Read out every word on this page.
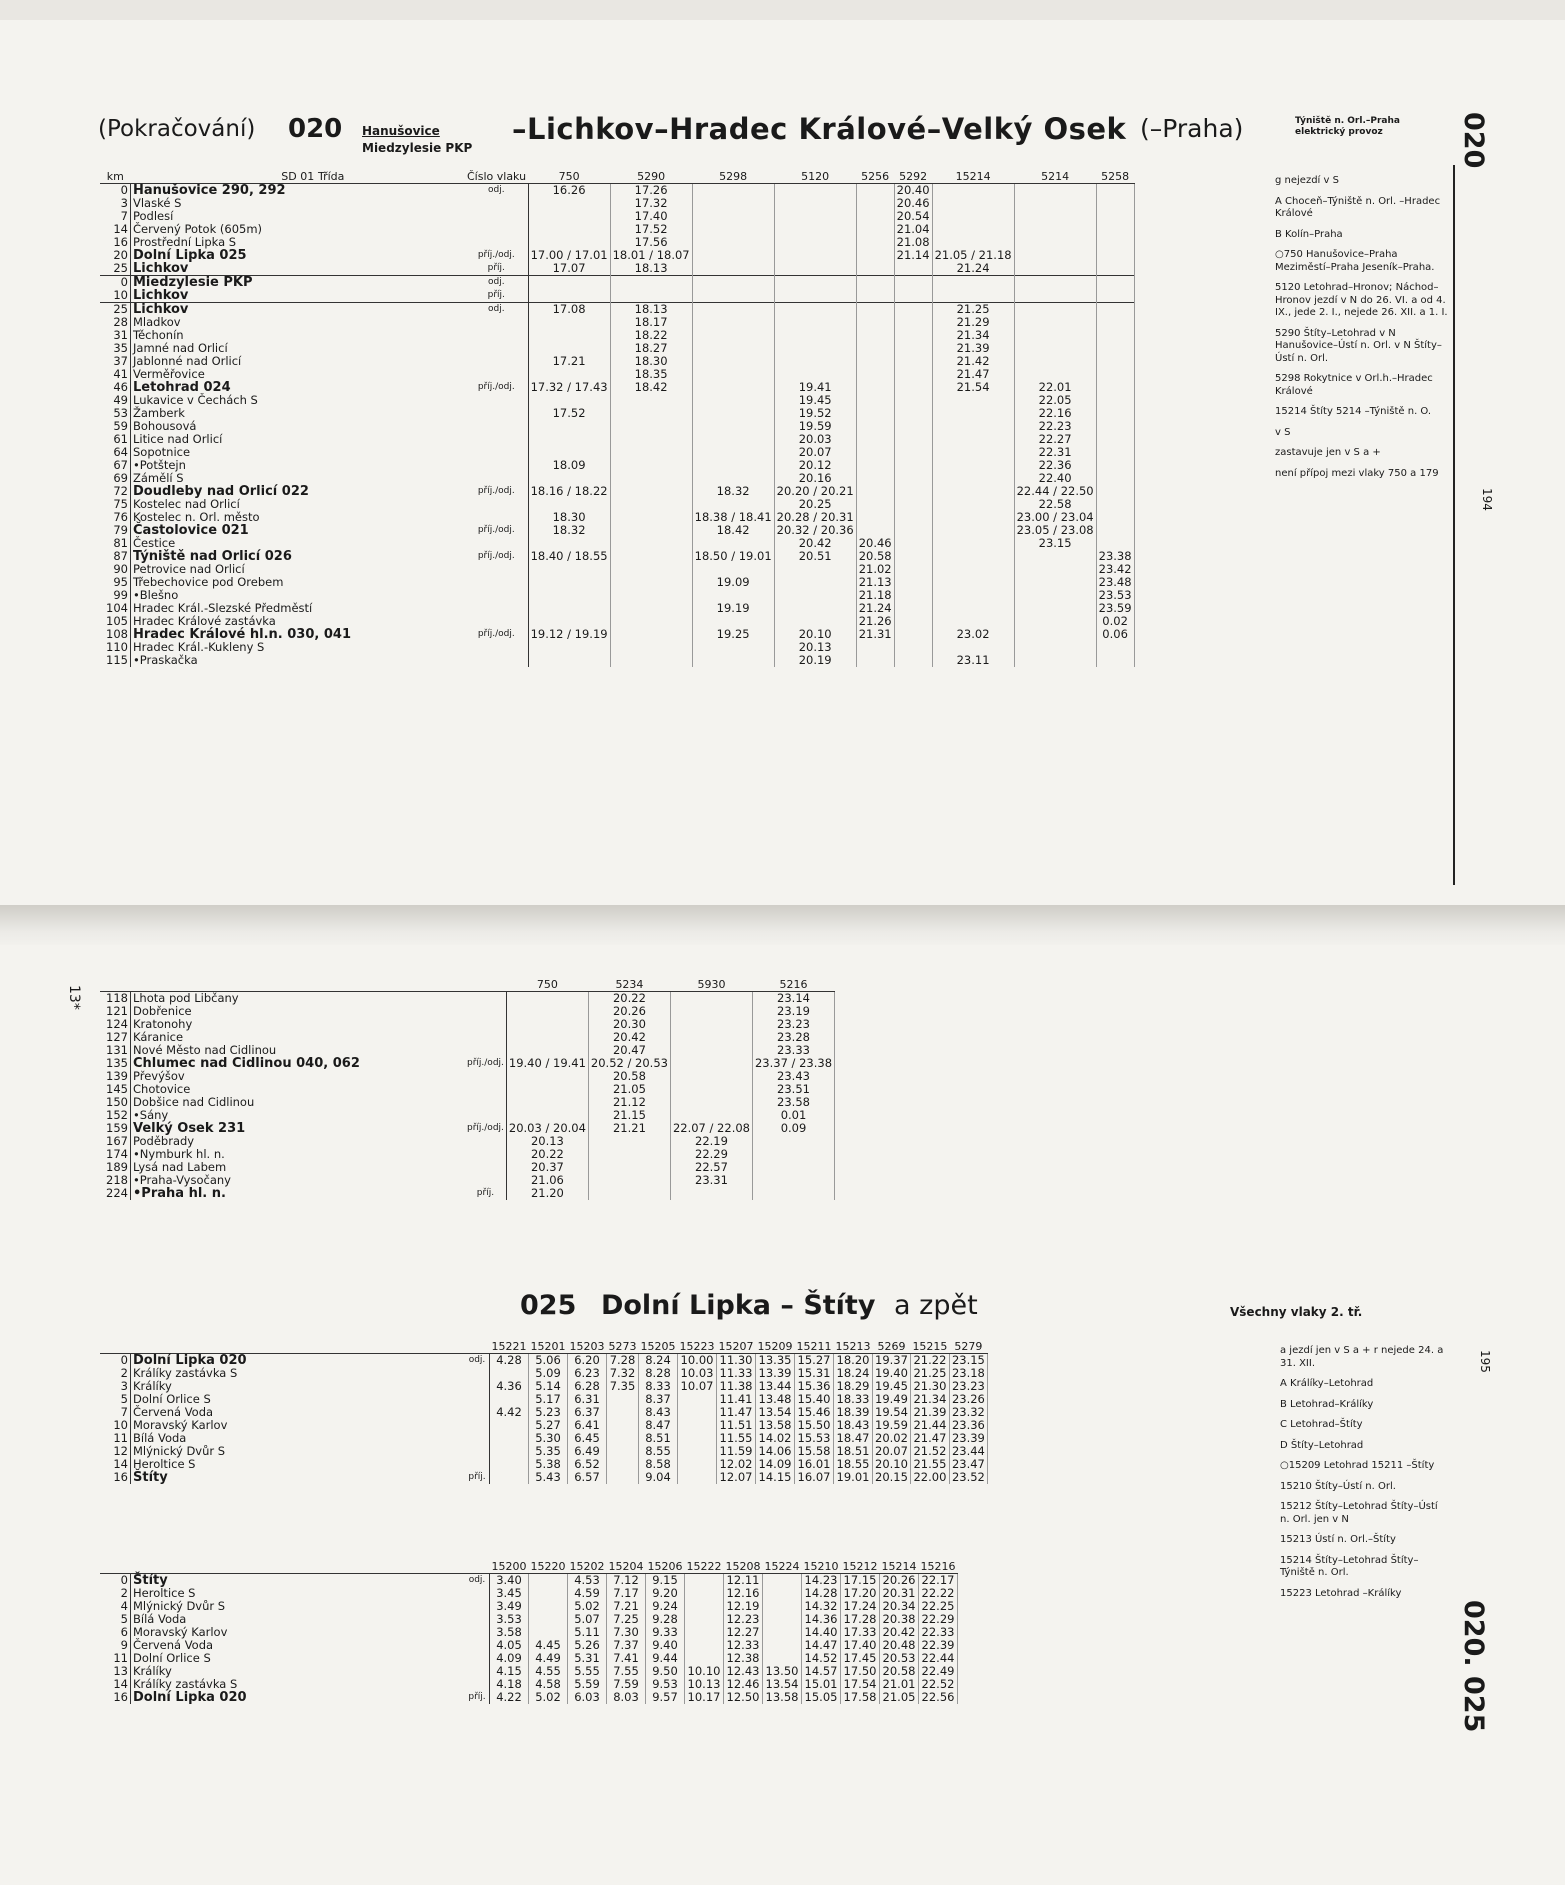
(Pokračování) 020 Hanušovice
Miedzylesie PKP
–Lichkov–Hradec Králové–Velký Osek (–Praha)	Týniště n. Orl.–Praha elektrický provoz	020
194
195
13*
km	SD 01	Číslo vlaku	750	5290	5298	5120	5256	5292	15214	5214	5258
0	Hanušovice 290, 292	odj.	16.26	17.26				20.40			
3	Vlaské S			17.32				20.46			
7	Podlesí			17.40				20.54			
14	Červený Potok (605m)			17.52				21.04			
16	Prostřední Lipka S			17.56				21.08			
20	Dolní Lipka 025	příj./odj.	17.00 / 17.01	18.01 / 18.07				21.14	21.05 / 21.18		
25	Lichkov	příj.	17.07	18.13					21.24		
0	Miedzylesie PKP	odj.									
10	Lichkov	příj.									
25	Lichkov	odj.	17.08	18.13					21.25		
28	Mladkov			18.17					21.29		
31	Těchonín			18.22					21.34		
35	Jamné nad Orlicí			18.27					21.39		
37	Jablonné nad Orlicí		17.21	18.30					21.42		
41	Verměřovice			18.35					21.47		
46	Letohrad 024	příj./odj.	17.32 / 17.43	18.42		19.41			21.54	22.01	
49	Lukavice v Čechách S					19.45				22.05	
53	Žamberk		17.52			19.52				22.16	
59	Bohousová					19.59				22.23	
61	Litice nad Orlicí					20.03				22.27	
64	Sopotnice					20.07				22.31	
67	•Potštejn		18.09			20.12				22.36	
69	Zámělí S					20.16				22.40	
72	Doudleby nad Orlicí 022	příj./odj.	18.16 / 18.22		18.32	20.20 / 20.21				22.44 / 22.50	
75	Kostelec nad Orlicí					20.25				22.58	
76	Kostelec n. Orl. město		18.30		18.38 / 18.41	20.28 / 20.31				23.00 / 23.04	
79	Častolovice 021	příj./odj.	18.32		18.42	20.32 / 20.36				23.05 / 23.08	
81	Čestice					20.42	20.46			23.15	
87	Týniště nad Orlicí 026	příj./odj.	18.40 / 18.55		18.50 / 19.01	20.51	20.58				23.38
90	Petrovice nad Orlicí						21.02				23.42
95	Třebechovice pod Orebem				19.09		21.13				23.48
99	•Blešno						21.18				23.53
104	Hradec Král.-Slezské Předměstí				19.19		21.24				23.59
105	Hradec Králové zastávka						21.26				0.02
108	Hradec Králové hl.n. 030, 041	příj./odj.	19.12 / 19.19		19.25	20.10	21.31		23.02		0.06
110	Hradec Král.-Kukleny S					20.13					
115	•Praskačka					20.19			23.11		
Třída	g nejezdí v S
A Choceň–Týniště n. Orl. –Hradec Králové
B Kolín–Praha
○750 Hanušovice–Praha Meziměstí–Praha Jeseník–Praha.
5120 Letohrad–Hronov; Náchod–Hronov jezdí v N do 26. VI. a od 4. IX., jede 2. I., nejede 26. XII. a 1. I.
5290 Štíty–Letohrad v N Hanušovice–Ústí n. Orl. v N Štíty–Ústí n. Orl.
5298 Rokytnice v Orl.h.–Hradec Králové
15214 Štíty 5214 –Týniště n. O.
v S
zastavuje jen v S a +
není přípoj mezi vlaky 750 a 179
			750	5234	5930	5216
118	Lhota pod Libčany			20.22		23.14
121	Dobřenice			20.26		23.19
124	Kratonohy			20.30		23.23
127	Káranice			20.42		23.28
131	Nové Město nad Cidlinou			20.47		23.33
135	Chlumec nad Cidlinou 040, 062	příj./odj.	19.40 / 19.41	20.52 / 20.53		23.37 / 23.38
139	Převýšov			20.58		23.43
145	Chotovice			21.05		23.51
150	Dobšice nad Cidlinou			21.12		23.58
152	•Sány			21.15		0.01
159	Velký Osek 231	příj./odj.	20.03 / 20.04	21.21	22.07 / 22.08	0.09
167	Poděbrady		20.13		22.19	
174	•Nymburk hl. n.		20.22		22.29	
189	Lysá nad Labem		20.37		22.57	
218	•Praha-Vysočany		21.06		23.31	
224	•Praha hl. n.	příj.	21.20			
025 Dolní Lipka – Štíty a zpět	Všechny vlaky 2. tř.
			15221	15201	15203	5273	15205	15223	15207	15209	15211	15213	5269	15215	5279
0	Dolní Lipka 020	odj.	4.28	5.06	6.20	7.28	8.24	10.00	11.30	13.35	15.27	18.20	19.37	21.22	23.15
2	Králíky zastávka S			5.09	6.23	7.32	8.28	10.03	11.33	13.39	15.31	18.24	19.40	21.25	23.18
3	Králíky		4.36	5.14	6.28	7.35	8.33	10.07	11.38	13.44	15.36	18.29	19.45	21.30	23.23
5	Dolní Orlice S			5.17	6.31		8.37		11.41	13.48	15.40	18.33	19.49	21.34	23.26
7	Červená Voda		4.42	5.23	6.37		8.43		11.47	13.54	15.46	18.39	19.54	21.39	23.32
10	Moravský Karlov			5.27	6.41		8.47		11.51	13.58	15.50	18.43	19.59	21.44	23.36
11	Bílá Voda			5.30	6.45		8.51		11.55	14.02	15.53	18.47	20.02	21.47	23.39
12	Mlýnický Dvůr S			5.35	6.49		8.55		11.59	14.06	15.58	18.51	20.07	21.52	23.44
14	Heroltice S			5.38	6.52		8.58		12.02	14.09	16.01	18.55	20.10	21.55	23.47
16	Štíty	příj.		5.43	6.57		9.04		12.07	14.15	16.07	19.01	20.15	22.00	23.52
			15200	15220	15202	15204	15206	15222	15208	15224	15210	15212	15214	15216
0	Štíty	odj.	3.40		4.53	7.12	9.15		12.11		14.23	17.15	20.26	22.17
2	Heroltice S		3.45		4.59	7.17	9.20		12.16		14.28	17.20	20.31	22.22
4	Mlýnický Dvůr S		3.49		5.02	7.21	9.24		12.19		14.32	17.24	20.34	22.25
5	Bílá Voda		3.53		5.07	7.25	9.28		12.23		14.36	17.28	20.38	22.29
6	Moravský Karlov		3.58		5.11	7.30	9.33		12.27		14.40	17.33	20.42	22.33
9	Červená Voda		4.05	4.45	5.26	7.37	9.40		12.33		14.47	17.40	20.48	22.39
11	Dolní Orlice S		4.09	4.49	5.31	7.41	9.44		12.38		14.52	17.45	20.53	22.44
13	Králíky		4.15	4.55	5.55	7.55	9.50	10.10	12.43	13.50	14.57	17.50	20.58	22.49
14	Králíky zastávka S		4.18	4.58	5.59	7.59	9.53	10.13	12.46	13.54	15.01	17.54	21.01	22.52
16	Dolní Lipka 020	příj.	4.22	5.02	6.03	8.03	9.57	10.17	12.50	13.58	15.05	17.58	21.05	22.56
a jezdí jen v S a + r nejede 24. a 31. XII.
A Králíky–Letohrad
B Letohrad–Králíky
C Letohrad–Štíty
D Štíty–Letohrad
○15209 Letohrad 15211 –Štíty
15210 Štíty–Ústí n. Orl.
15212 Štíty–Letohrad Štíty–Ústí n. Orl. jen v N
15213 Ústí n. Orl.–Štíty
15214 Štíty–Letohrad Štíty–Týniště n. Orl.
15223 Letohrad –Králíky
020. 025
